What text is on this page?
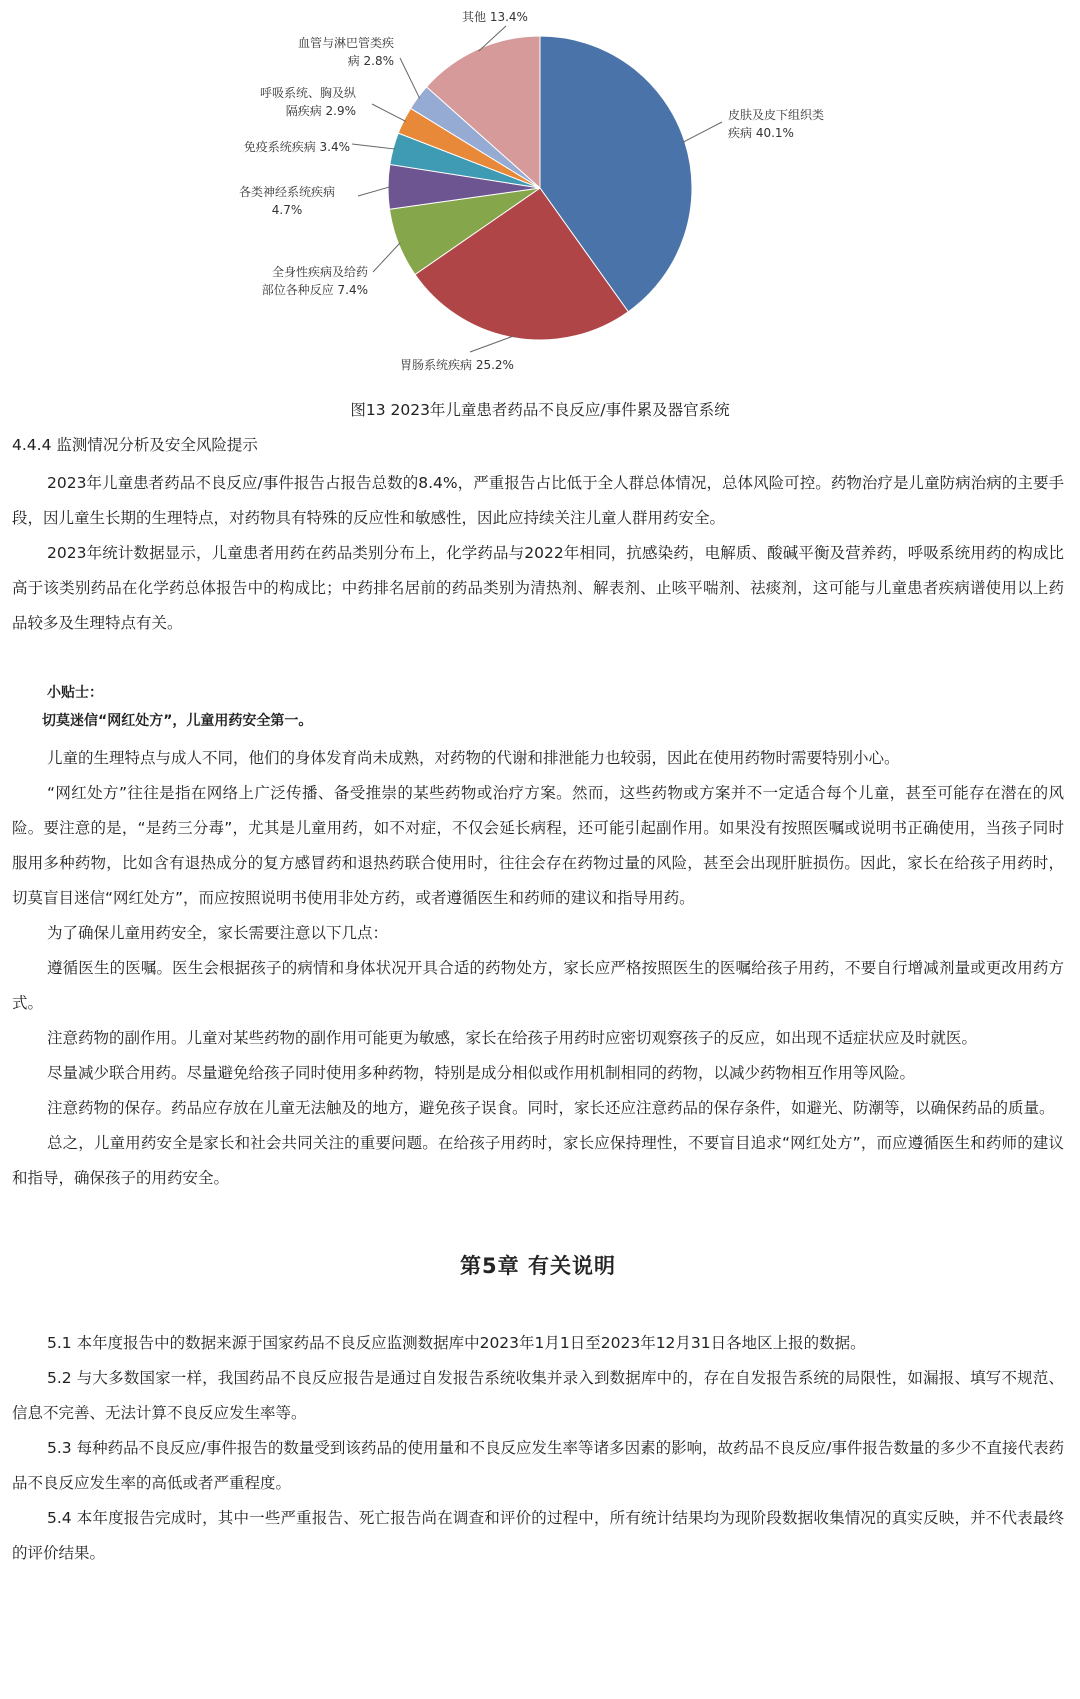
其他 13.4%
血管与淋巴管类疾
病 2.8%
呼吸系统、胸及纵
隔疾病 2.9%
免疫系统疾病 3.4%
各类神经系统疾病
4.7%
全身性疾病及给药
部位各种反应 7.4%
胃肠系统疾病 25.2%
皮肤及皮下组织类
疾病 40.1%
图13 2023年儿童患者药品不良反应/事件累及器官系统
4.4.4 监测情况分析及安全风险提示

2023年儿童患者药品不良反应/事件报告占报告总数的8.4%，严重报告占比低于全人群总体情况，总体风险可控。药物治疗是儿童防病治病的主要手段，因儿童生长期的生理特点，对药物具有特殊的反应性和敏感性，因此应持续关注儿童人群用药安全。

2023年统计数据显示，儿童患者用药在药品类别分布上，化学药品与2022年相同，抗感染药，电解质、酸碱平衡及营养药，呼吸系统用药的构成比高于该类别药品在化学药总体报告中的构成比；中药排名居前的药品类别为清热剂、解表剂、止咳平喘剂、祛痰剂，这可能与儿童患者疾病谱使用以上药品较多及生理特点有关。

小贴士：
切莫迷信“网红处方”，儿童用药安全第一。

儿童的生理特点与成人不同，他们的身体发育尚未成熟，对药物的代谢和排泄能力也较弱，因此在使用药物时需要特别小心。

“网红处方”往往是指在网络上广泛传播、备受推崇的某些药物或治疗方案。然而，这些药物或方案并不一定适合每个儿童，甚至可能存在潜在的风险。要注意的是，“是药三分毒”，尤其是儿童用药，如不对症，不仅会延长病程，还可能引起副作用。如果没有按照医嘱或说明书正确使用，当孩子同时服用多种药物，比如含有退热成分的复方感冒药和退热药联合使用时，往往会存在药物过量的风险，甚至会出现肝脏损伤。因此，家长在给孩子用药时，切莫盲目迷信“网红处方”，而应按照说明书使用非处方药，或者遵循医生和药师的建议和指导用药。

为了确保儿童用药安全，家长需要注意以下几点：

遵循医生的医嘱。医生会根据孩子的病情和身体状况开具合适的药物处方，家长应严格按照医生的医嘱给孩子用药，不要自行增减剂量或更改用药方式。

注意药物的副作用。儿童对某些药物的副作用可能更为敏感，家长在给孩子用药时应密切观察孩子的反应，如出现不适症状应及时就医。

尽量减少联合用药。尽量避免给孩子同时使用多种药物，特别是成分相似或作用机制相同的药物，以减少药物相互作用等风险。

注意药物的保存。药品应存放在儿童无法触及的地方，避免孩子误食。同时，家长还应注意药品的保存条件，如避光、防潮等，以确保药品的质量。

总之，儿童用药安全是家长和社会共同关注的重要问题。在给孩子用药时，家长应保持理性，不要盲目追求“网红处方”，而应遵循医生和药师的建议和指导，确保孩子的用药安全。

第5章 有关说明

5.1 本年度报告中的数据来源于国家药品不良反应监测数据库中2023年1月1日至2023年12月31日各地区上报的数据。

5.2 与大多数国家一样，我国药品不良反应报告是通过自发报告系统收集并录入到数据库中的，存在自发报告系统的局限性，如漏报、填写不规范、信息不完善、无法计算不良反应发生率等。

5.3 每种药品不良反应/事件报告的数量受到该药品的使用量和不良反应发生率等诸多因素的影响，故药品不良反应/事件报告数量的多少不直接代表药品不良反应发生率的高低或者严重程度。

5.4 本年度报告完成时，其中一些严重报告、死亡报告尚在调查和评价的过程中，所有统计结果均为现阶段数据收集情况的真实反映，并不代表最终的评价结果。
